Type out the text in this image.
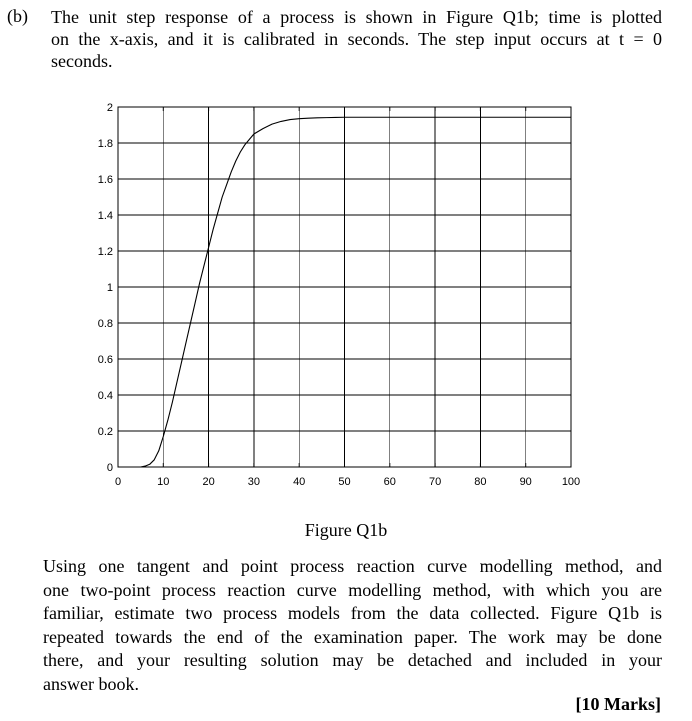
(b) The unit step response of a process is shown in Figure Q1b; time is plotted
on the x-axis, and it is calibrated in seconds. The step input occurs at t = 0
seconds.
0	10	20	30	40	50	60	70	80	90	100
0
0.2
0.4
0.6
0.8
1
1.2
1.4
1.6
1.8
2
Figure Q1b
Using one tangent and point process reaction curve modelling method, and
one two-point process reaction curve modelling method, with which you are
familiar, estimate two process models from the data collected. Figure Q1b is
repeated towards the end of the examination paper. The work may be done
there, and your resulting solution may be detached and included in your
answer book.
[10 Marks]
